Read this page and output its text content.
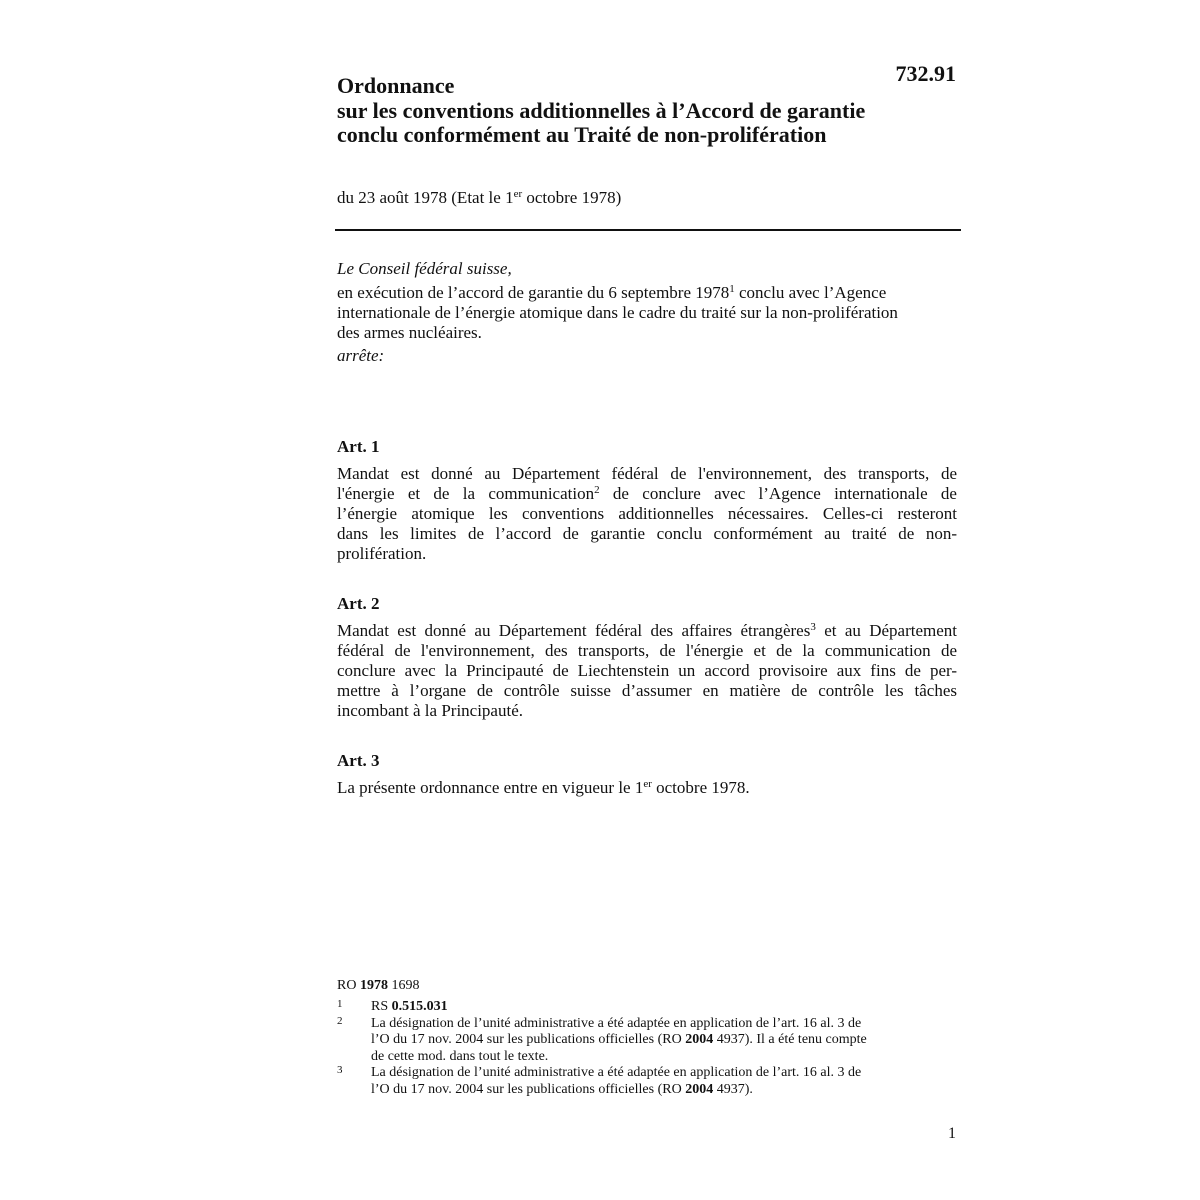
732.91
Ordonnance
sur les conventions additionnelles à l’Accord de garantie
conclu conformément au Traité de non-prolifération
du 23 août 1978 (Etat le 1er octobre 1978)
Le Conseil fédéral suisse,
en exécution de l’accord de garantie du 6 septembre 1978$^1$ conclu avec l’Agence
internationale de l’énergie atomique dans le cadre du traité sur la non-prolifération
des armes nucléaires.
arrête:
Art. 1
Mandat est donné au Département fédéral de l'environnement, des transports, de
l'énergie et de la communication$^2$ de conclure avec l’Agence internationale de
l’énergie atomique les conventions additionnelles nécessaires. Celles-ci resteront
dans les limites de l’accord de garantie conclu conformément au traité de non-
prolifération.
Art. 2
Mandat est donné au Département fédéral des affaires étrangères$^3$ et au Département
fédéral de l'environnement, des transports, de l'énergie et de la communication de
conclure avec la Principauté de Liechtenstein un accord provisoire aux fins de per-
mettre à l’organe de contrôle suisse d’assumer en matière de contrôle les tâches
incombant à la Principauté.
Art. 3
La présente ordonnance entre en vigueur le 1er octobre 1978.
RO 1978 1698
1 RS 0.515.031
2 La désignation de l’unité administrative a été adaptée en application de l’art. 16 al. 3 de
l’O du 17 nov. 2004 sur les publications officielles (RO 2004 4937). Il a été tenu compte
de cette mod. dans tout le texte.
3 La désignation de l’unité administrative a été adaptée en application de l’art. 16 al. 3 de
l’O du 17 nov. 2004 sur les publications officielles (RO 2004 4937).
1
